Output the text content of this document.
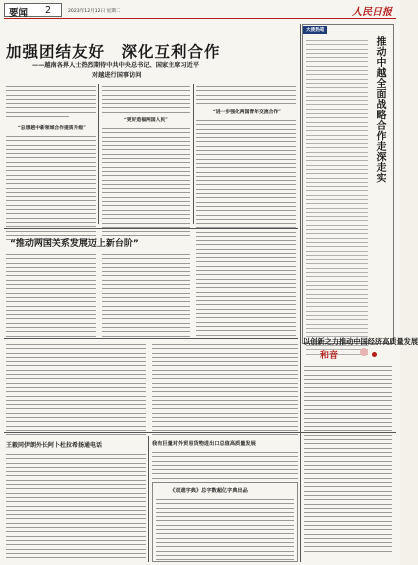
要闻 2	2023年12月12日 星期二	人民日报
加强团结友好　深化互利合作
——越南各界人士热烈期待中共中央总书记、国家主席习近平
对越进行国事访问
“总想越中新领域合作提质升级”
“更好造福两国人民”
“进一步强化两国青年交流合作”
“推动两国关系发展迈上新台阶”
王毅同伊朗外长阿卜杜拉希扬通电话	我有巨量对外贸易货物进出口总值高质量发展
《双遮字典》总字数超亿字典出品
大使热笔
推动中越全面战略合作走深走实
以创新之力推动中国经济高质量发展
和音
